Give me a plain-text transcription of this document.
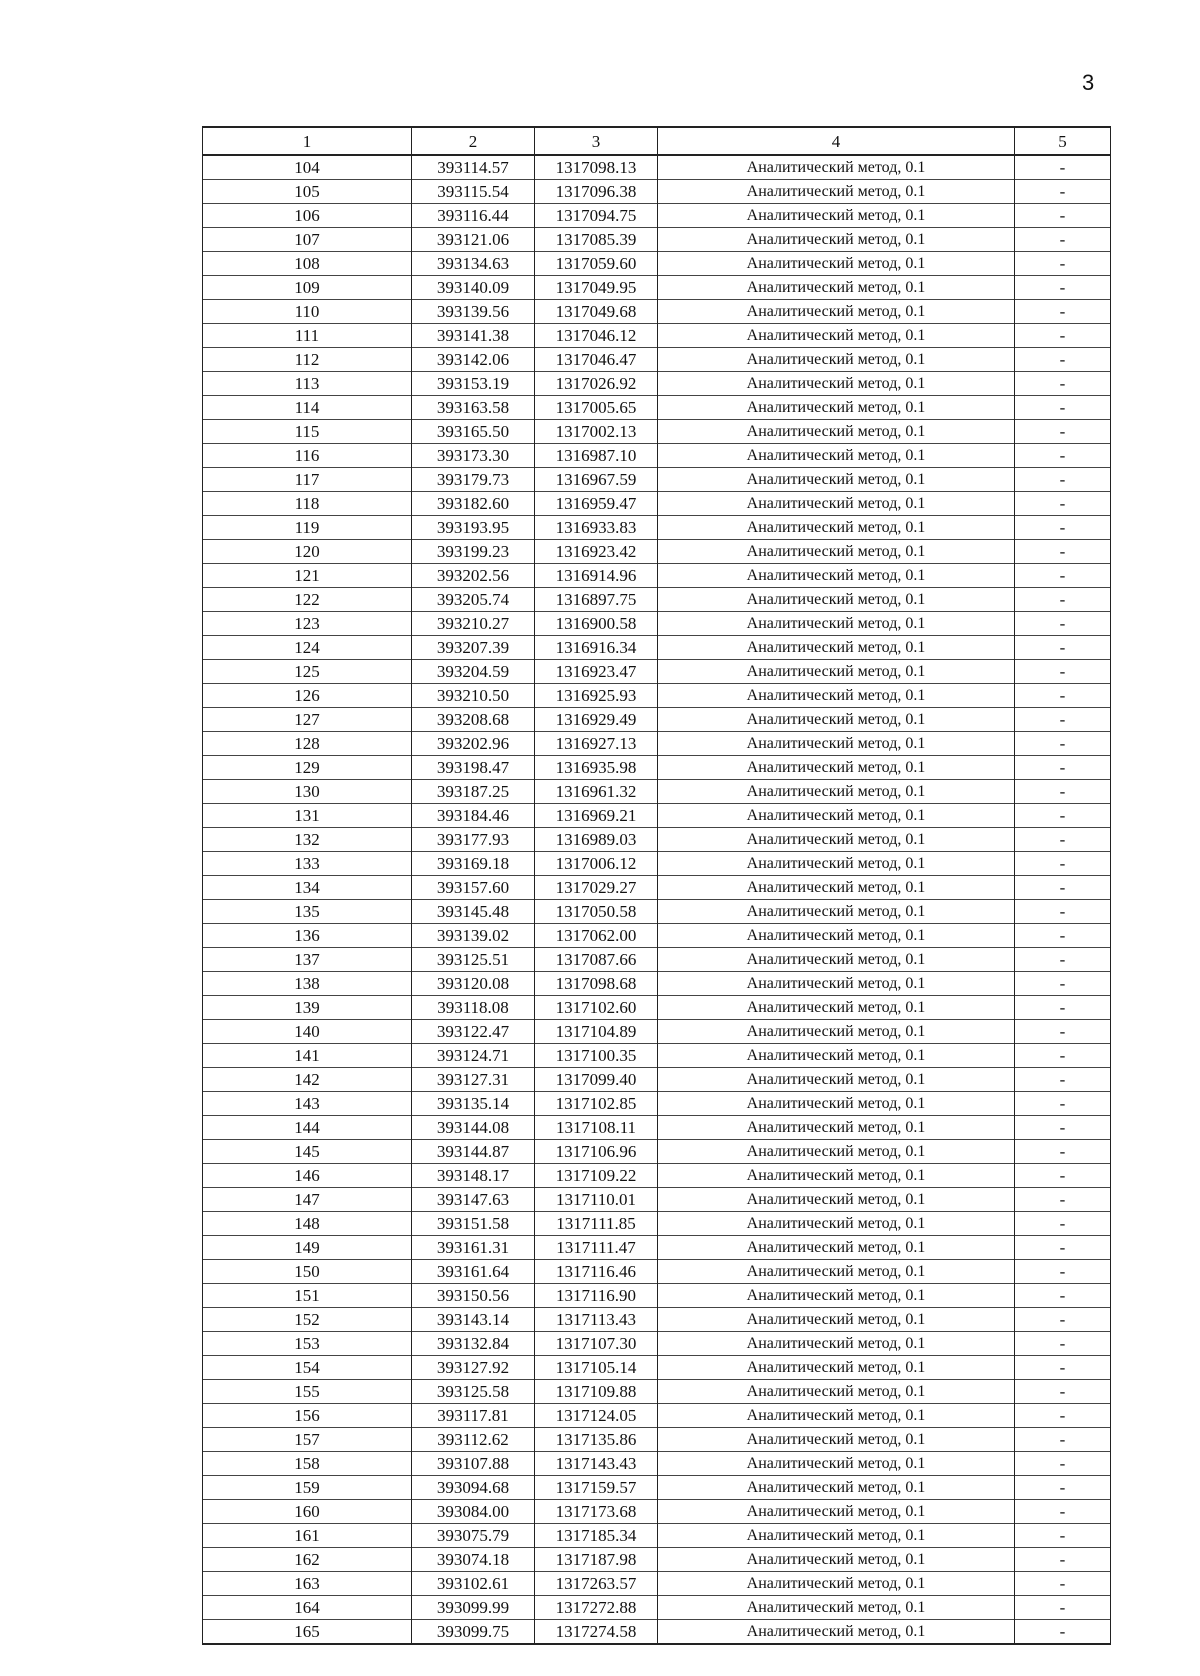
3
1	2	3	4	5
104	393114.57	1317098.13	Аналитический метод, 0.1	-
105	393115.54	1317096.38	Аналитический метод, 0.1	-
106	393116.44	1317094.75	Аналитический метод, 0.1	-
107	393121.06	1317085.39	Аналитический метод, 0.1	-
108	393134.63	1317059.60	Аналитический метод, 0.1	-
109	393140.09	1317049.95	Аналитический метод, 0.1	-
110	393139.56	1317049.68	Аналитический метод, 0.1	-
111	393141.38	1317046.12	Аналитический метод, 0.1	-
112	393142.06	1317046.47	Аналитический метод, 0.1	-
113	393153.19	1317026.92	Аналитический метод, 0.1	-
114	393163.58	1317005.65	Аналитический метод, 0.1	-
115	393165.50	1317002.13	Аналитический метод, 0.1	-
116	393173.30	1316987.10	Аналитический метод, 0.1	-
117	393179.73	1316967.59	Аналитический метод, 0.1	-
118	393182.60	1316959.47	Аналитический метод, 0.1	-
119	393193.95	1316933.83	Аналитический метод, 0.1	-
120	393199.23	1316923.42	Аналитический метод, 0.1	-
121	393202.56	1316914.96	Аналитический метод, 0.1	-
122	393205.74	1316897.75	Аналитический метод, 0.1	-
123	393210.27	1316900.58	Аналитический метод, 0.1	-
124	393207.39	1316916.34	Аналитический метод, 0.1	-
125	393204.59	1316923.47	Аналитический метод, 0.1	-
126	393210.50	1316925.93	Аналитический метод, 0.1	-
127	393208.68	1316929.49	Аналитический метод, 0.1	-
128	393202.96	1316927.13	Аналитический метод, 0.1	-
129	393198.47	1316935.98	Аналитический метод, 0.1	-
130	393187.25	1316961.32	Аналитический метод, 0.1	-
131	393184.46	1316969.21	Аналитический метод, 0.1	-
132	393177.93	1316989.03	Аналитический метод, 0.1	-
133	393169.18	1317006.12	Аналитический метод, 0.1	-
134	393157.60	1317029.27	Аналитический метод, 0.1	-
135	393145.48	1317050.58	Аналитический метод, 0.1	-
136	393139.02	1317062.00	Аналитический метод, 0.1	-
137	393125.51	1317087.66	Аналитический метод, 0.1	-
138	393120.08	1317098.68	Аналитический метод, 0.1	-
139	393118.08	1317102.60	Аналитический метод, 0.1	-
140	393122.47	1317104.89	Аналитический метод, 0.1	-
141	393124.71	1317100.35	Аналитический метод, 0.1	-
142	393127.31	1317099.40	Аналитический метод, 0.1	-
143	393135.14	1317102.85	Аналитический метод, 0.1	-
144	393144.08	1317108.11	Аналитический метод, 0.1	-
145	393144.87	1317106.96	Аналитический метод, 0.1	-
146	393148.17	1317109.22	Аналитический метод, 0.1	-
147	393147.63	1317110.01	Аналитический метод, 0.1	-
148	393151.58	1317111.85	Аналитический метод, 0.1	-
149	393161.31	1317111.47	Аналитический метод, 0.1	-
150	393161.64	1317116.46	Аналитический метод, 0.1	-
151	393150.56	1317116.90	Аналитический метод, 0.1	-
152	393143.14	1317113.43	Аналитический метод, 0.1	-
153	393132.84	1317107.30	Аналитический метод, 0.1	-
154	393127.92	1317105.14	Аналитический метод, 0.1	-
155	393125.58	1317109.88	Аналитический метод, 0.1	-
156	393117.81	1317124.05	Аналитический метод, 0.1	-
157	393112.62	1317135.86	Аналитический метод, 0.1	-
158	393107.88	1317143.43	Аналитический метод, 0.1	-
159	393094.68	1317159.57	Аналитический метод, 0.1	-
160	393084.00	1317173.68	Аналитический метод, 0.1	-
161	393075.79	1317185.34	Аналитический метод, 0.1	-
162	393074.18	1317187.98	Аналитический метод, 0.1	-
163	393102.61	1317263.57	Аналитический метод, 0.1	-
164	393099.99	1317272.88	Аналитический метод, 0.1	-
165	393099.75	1317274.58	Аналитический метод, 0.1	-
